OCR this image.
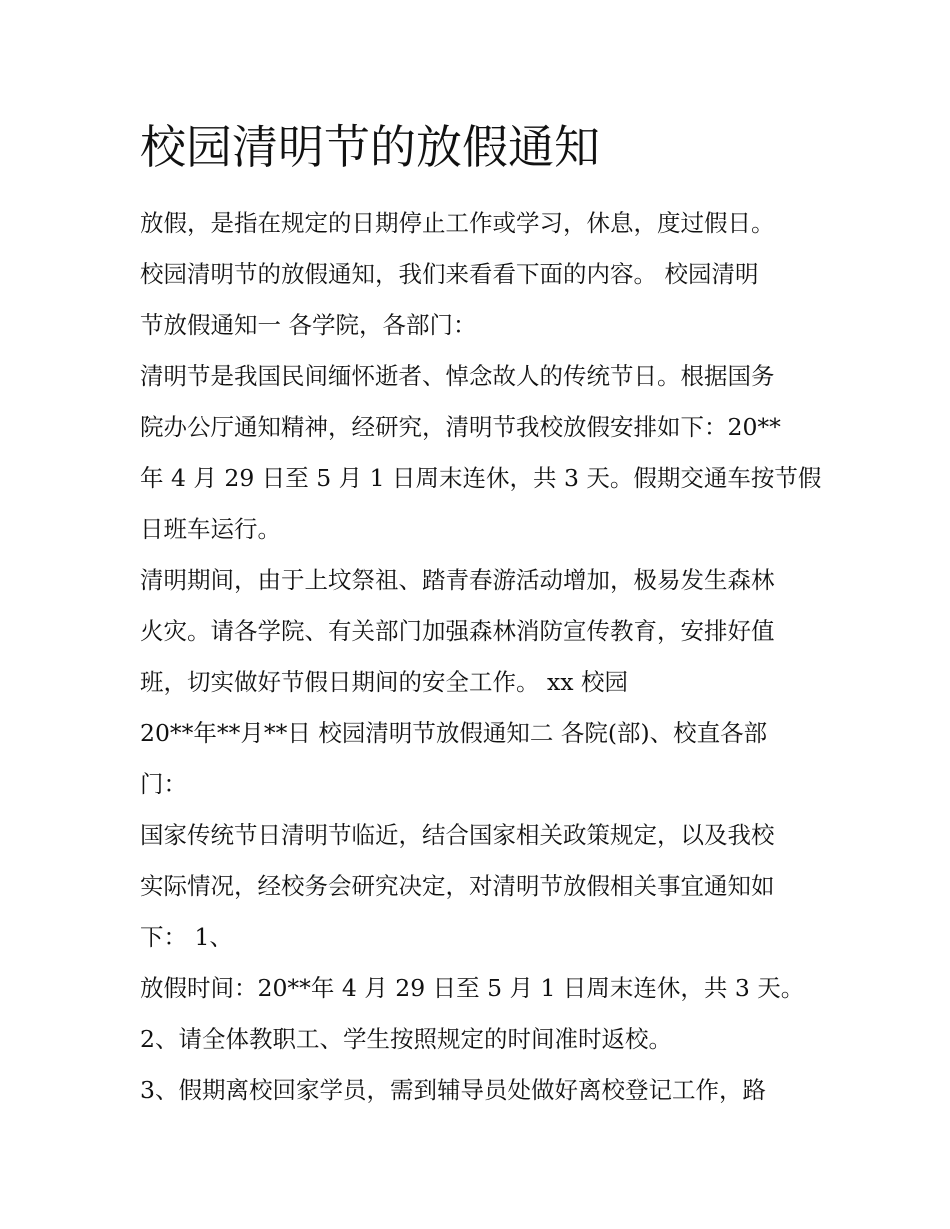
校园清明节的放假通知
放假，是指在规定的日期停止工作或学习，休息，度过假日。
校园清明节的放假通知，我们来看看下面的内容。 校园清明
节放假通知一 各学院，各部门：
清明节是我国民间缅怀逝者、悼念故人的传统节日。根据国务
院办公厅通知精神，经研究，清明节我校放假安排如下：20**
年 4 月 29 日至 5 月 1 日周末连休，共 3 天。假期交通车按节假
日班车运行。
清明期间，由于上坟祭祖、踏青春游活动增加，极易发生森林
火灾。请各学院、有关部门加强森林消防宣传教育，安排好值
班，切实做好节假日期间的安全工作。 xx 校园
20**年**月**日 校园清明节放假通知二 各院(部)、校直各部
门：
国家传统节日清明节临近，结合国家相关政策规定，以及我校
实际情况，经校务会研究决定，对清明节放假相关事宜通知如
下： 1、
放假时间：20**年 4 月 29 日至 5 月 1 日周末连休，共 3 天。
2、请全体教职工、学生按照规定的时间准时返校。
3、假期离校回家学员，需到辅导员处做好离校登记工作，路
